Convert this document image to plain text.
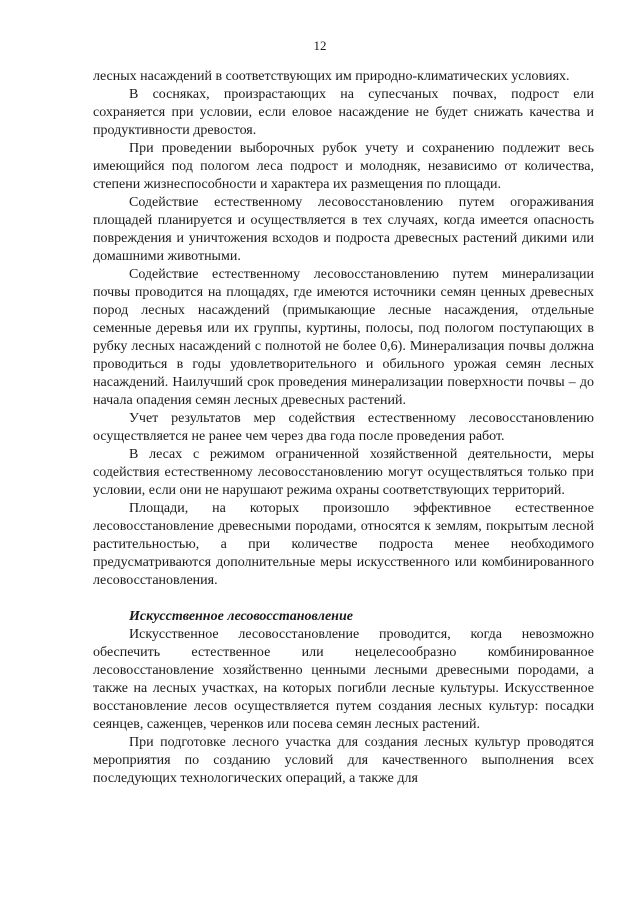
12

лесных насаждений в соответствующих им природно-климатических условиях.

В сосняках, произрастающих на супесчаных почвах, подрост ели сохраняется при условии, если еловое насаждение не будет снижать качества и продуктивности древостоя.

При проведении выборочных рубок учету и сохранению подлежит весь имеющийся под пологом леса подрост и молодняк, независимо от количества, степени жизнеспособности и характера их размещения по площади.

Содействие естественному лесовосстановлению путем огораживания площадей планируется и осуществляется в тех случаях, когда имеется опасность повреждения и уничтожения всходов и подроста древесных растений дикими или домашними животными.

Содействие естественному лесовосстановлению путем минерализации почвы проводится на площадях, где имеются источники семян ценных древесных пород лесных насаждений (примыкающие лесные насаждения, отдельные семенные деревья или их группы, куртины, полосы, под пологом поступающих в рубку лесных насаждений с полнотой не более 0,6). Минерализация почвы должна проводиться в годы удовлетворительного и обильного урожая семян лесных насаждений. Наилучший срок проведения минерализации поверхности почвы – до начала опадения семян лесных древесных растений.

Учет результатов мер содействия естественному лесовосстановлению осуществляется не ранее чем через два года после проведения работ.

В лесах с режимом ограниченной хозяйственной деятельности, меры содействия естественному лесовосстановлению могут осуществляться только при условии, если они не нарушают режима охраны соответствующих территорий.

Площади, на которых произошло эффективное естественное лесовосстановление древесными породами, относятся к землям, покрытым лесной растительностью, а при количестве подроста менее необходимого предусматриваются дополнительные меры искусственного или комбинированного лесовосстановления.

Искусственное лесовосстановление

Искусственное лесовосстановление проводится, когда невозможно обеспечить естественное или нецелесообразно комбинированное лесовосстановление хозяйственно ценными лесными древесными породами, а также на лесных участках, на которых погибли лесные культуры. Искусственное восстановление лесов осуществляется путем создания лесных культур: посадки сеянцев, саженцев, черенков или посева семян лесных растений.

При подготовке лесного участка для создания лесных культур проводятся мероприятия по созданию условий для качественного выполнения всех последующих технологических операций, а также для
